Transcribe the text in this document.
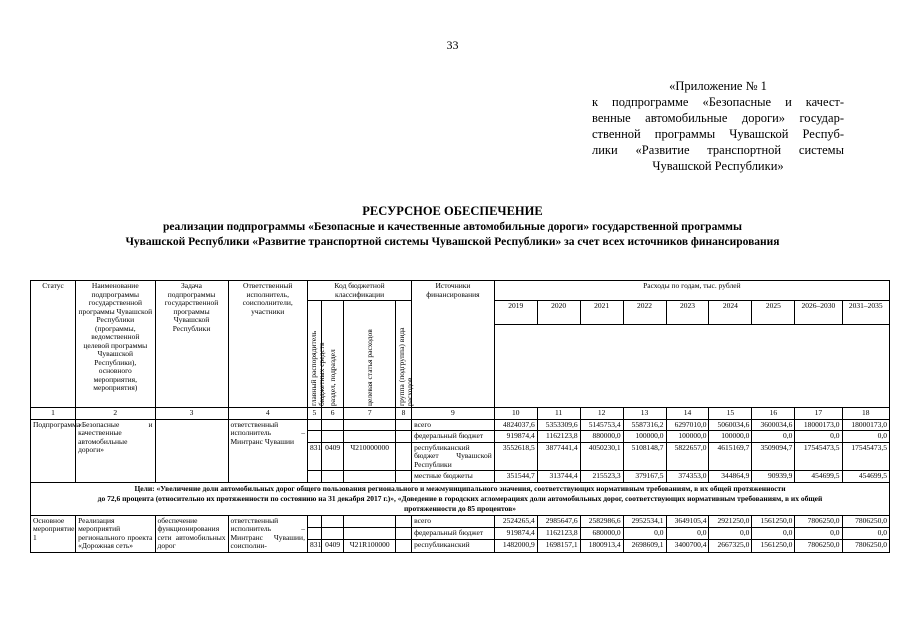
33
«Приложение № 1
к подпрограмме «Безопасные и качест-
венные автомобильные дороги» государ-
ственной программы Чувашской Респуб-
лики «Развитие транспортной системы
Чувашской Республики»
РЕСУРСНОЕ ОБЕСПЕЧЕНИЕ
реализации подпрограммы «Безопасные и качественные автомобильные дороги» государственной программы
Чувашской Республики «Развитие транспортной системы Чувашской Республики» за счет всех источников финансирования
Статус	Наименование подпрограммы государственной программы Чувашской Республики (программы, ведомственной целевой программы Чувашской Республики), основного мероприятия, мероприятия)	Задача подпрограммы государственной программы Чувашской Республики	Ответственный исполнитель, соисполнители, участники	Код бюджетной классификации				Источники финансирования	Расходы по годам, тыс. рублей								

				главный распорядитель бюджетных средств	раздел, подраздел	целевая статья расходов	группа (подгруппа) вида расходов		2019	2020	2021	2022	2023	2024	2025	2026–2030	2031–2035

1	2	3	4	5	6	7	8	9	10	11	12	13	14	15	16	17	18
Подпрограмма	«Безопасные и качественные автомобильные дороги»		ответственный исполнитель – Минтранс Чувашии					всего	4824037,6	5353309,6	5145753,4	5587316,2	6297010,0	5060034,6	3600034,6	18000173,0	18000173,0
								федеральный бюджет	919874,4	1162123,8	880000,0	100000,0	100000,0	100000,0	0,0	0,0	0,0
				831	0409	Ч210000000		республиканский бюджет Чувашской Республики	3552618,5	3877441,4	4050230,1	5108148,7	5822657,0	4615169,7	3509094,7	17545473,5	17545473,5
								местные бюджеты	351544,7	313744,4	215523,3	379167,5	374353,0	344864,9	90939,9	454699,5	454699,5
Цели: «Увеличение доли автомобильных дорог общего пользования регионального и межмуниципального значения, соответствующих нормативным требованиям, в их общей протяженности
до 72,6 процента (относительно их протяженности по состоянию на 31 декабря 2017 г.)», «Доведение в городских агломерациях доли автомобильных дорог, соответствующих нормативным требованиям, в их общей
протяженности до 85 процентов»																	
Основное мероприятие 1	Реализация мероприятий регионального проекта «Дорожная сеть»	обеспечение функционирования сети автомобильных дорог	ответственный исполнитель – Минтранс Чувашии, соисполни-					всего	2524265,4	2985647,6	2582986,6	2952534,1	3649105,4	2921250,0	1561250,0	7806250,0	7806250,0
								федеральный бюджет	919874,4	1162123,8	680000,0	0,0	0,0	0,0	0,0	0,0	0,0
				831	0409	Ч21R100000		республиканский	1482000,9	1698157,1	1800913,4	2698609,1	3400700,4	2667325,0	1561250,0	7806250,0	7806250,0
